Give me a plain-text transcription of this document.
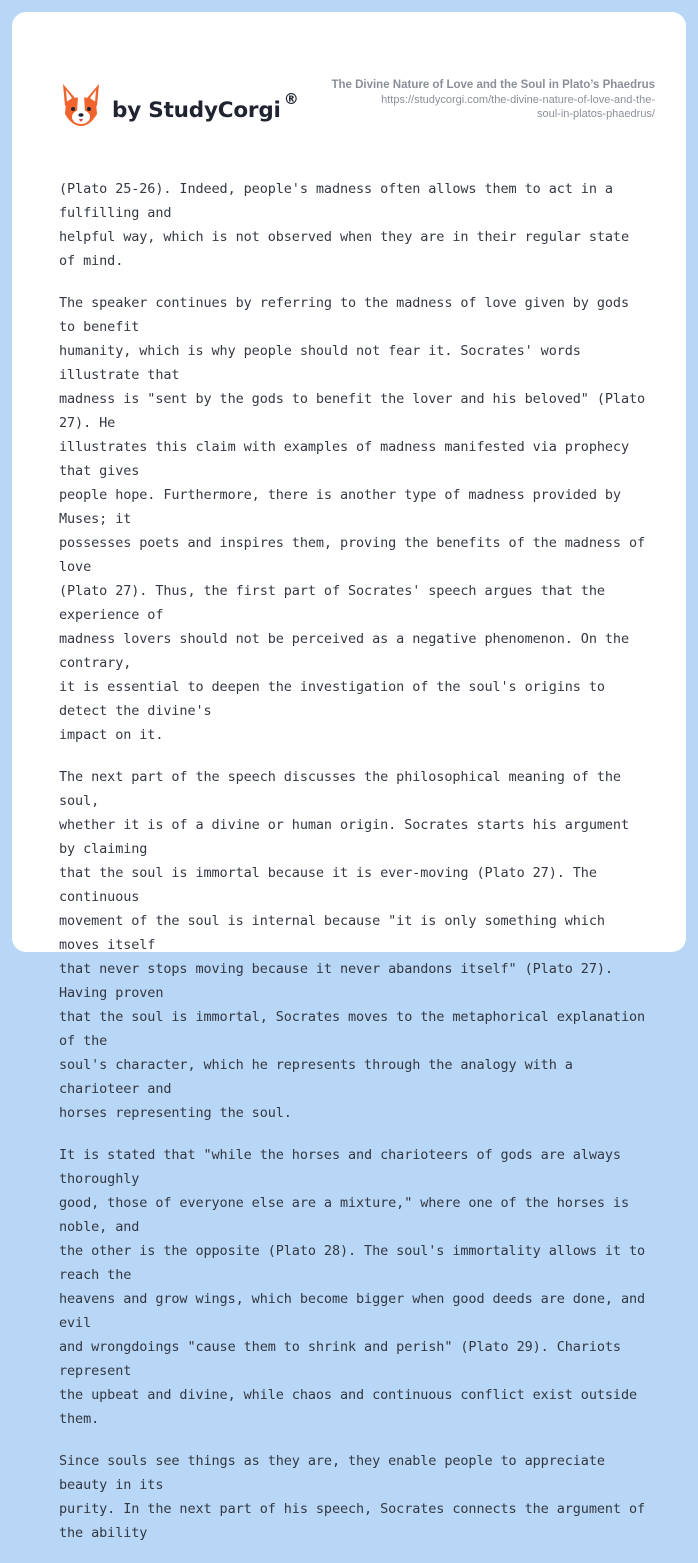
by StudyCorgi ®
The Divine Nature of Love and the Soul in Plato’s Phaedrus
https://studycorgi.com/the-divine-nature-of-love-and-the-
soul-in-platos-phaedrus/

(Plato 25-26). Indeed, people's madness often allows them to act in a fulfilling and
helpful way, which is not observed when they are in their regular state of mind.

The speaker continues by referring to the madness of love given by gods to benefit
humanity, which is why people should not fear it. Socrates' words illustrate that
madness is "sent by the gods to benefit the lover and his beloved" (Plato 27). He
illustrates this claim with examples of madness manifested via prophecy that gives
people hope. Furthermore, there is another type of madness provided by Muses; it
possesses poets and inspires them, proving the benefits of the madness of love
(Plato 27). Thus, the first part of Socrates' speech argues that the experience of
madness lovers should not be perceived as a negative phenomenon. On the contrary,
it is essential to deepen the investigation of the soul's origins to detect the divine's
impact on it.

The next part of the speech discusses the philosophical meaning of the soul,
whether it is of a divine or human origin. Socrates starts his argument by claiming
that the soul is immortal because it is ever-moving (Plato 27). The continuous
movement of the soul is internal because "it is only something which moves itself
that never stops moving because it never abandons itself" (Plato 27). Having proven
that the soul is immortal, Socrates moves to the metaphorical explanation of the
soul's character, which he represents through the analogy with a charioteer and
horses representing the soul.

It is stated that "while the horses and charioteers of gods are always thoroughly
good, those of everyone else are a mixture," where one of the horses is noble, and
the other is the opposite (Plato 28). The soul's immortality allows it to reach the
heavens and grow wings, which become bigger when good deeds are done, and evil
and wrongdoings "cause them to shrink and perish" (Plato 29). Chariots represent
the upbeat and divine, while chaos and continuous conflict exist outside them.

Since souls see things as they are, they enable people to appreciate beauty in its
purity. In the next part of his speech, Socrates connects the argument of the ability
